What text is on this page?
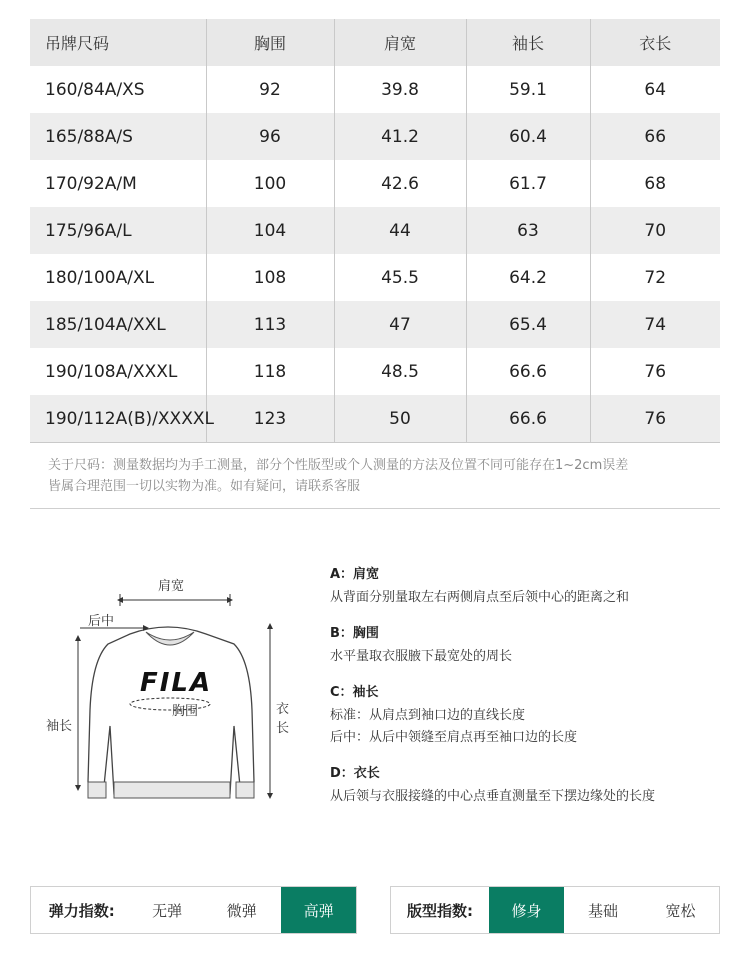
吊牌尺码	胸围	肩宽	袖长	衣长
160/84A/XS	92	39.8	59.1	64
165/88A/S	96	41.2	60.4	66
170/92A/M	100	42.6	61.7	68
175/96A/L	104	44	63	70
180/100A/XL	108	45.5	64.2	72
185/104A/XXL	113	47	65.4	74
190/108A/XXXL	118	48.5	66.6	76
190/112A(B)/XXXXL	123	50	66.6	76
关于尺码：测量数据均为手工测量，部分个性版型或个人测量的方法及位置不同可能存在1~2cm误差
皆属合理范围一切以实物为准。如有疑问，请联系客服
肩宽
后中
FILA
胸围
袖长
衣长

A：肩宽

从背面分别量取左右两侧肩点至后领中心的距离之和

B：胸围

水平量取衣服腋下最宽处的周长

C：袖长

标准：从肩点到袖口边的直线长度

后中：从后中领缝至肩点再至袖口边的长度

D：衣长

从后领与衣服接缝的中心点垂直测量至下摆边缘处的长度

弹力指数:	无弹	微弹	高弹	版型指数:	修身	基础	宽松
